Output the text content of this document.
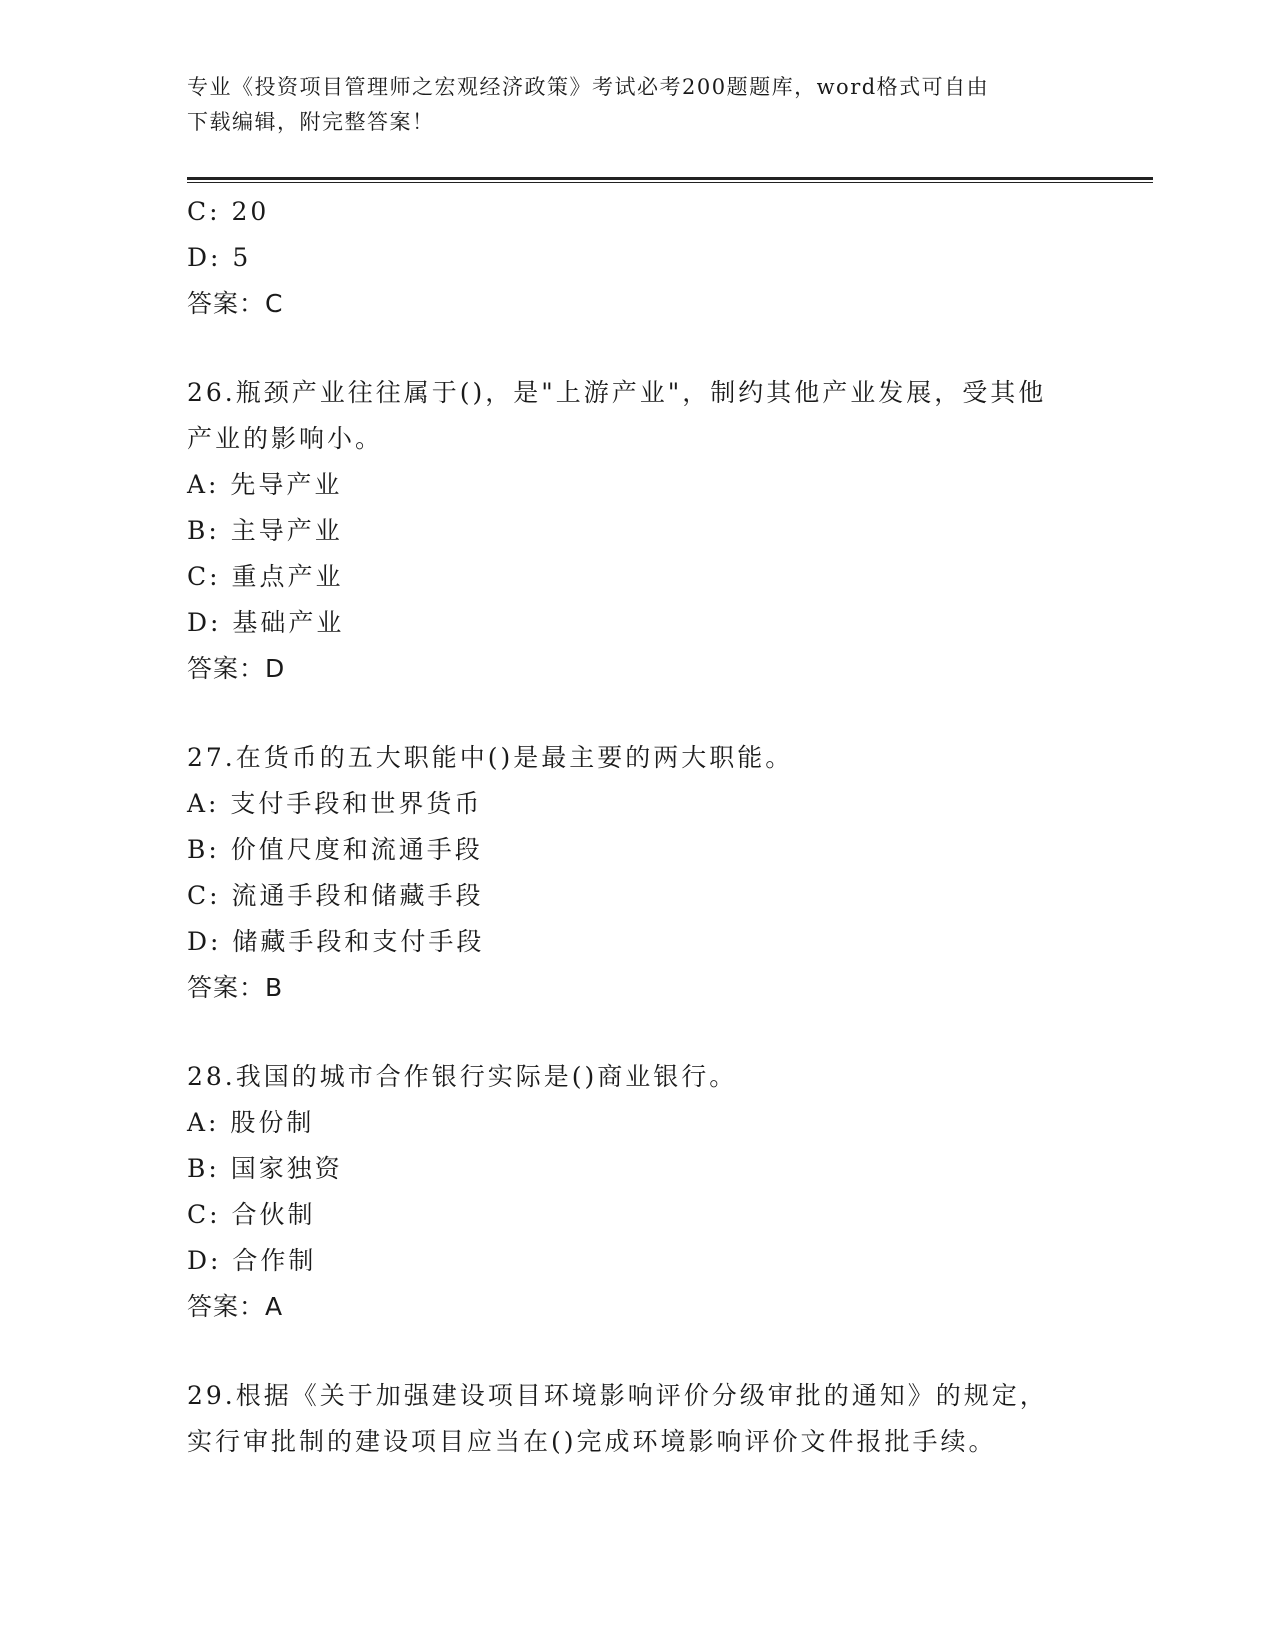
专业《投资项目管理师之宏观经济政策》考试必考200题题库，word格式可自由
下载编辑，附完整答案！
C: 20
D: 5
答案：C
26.瓶颈产业往往属于()，是"上游产业"，制约其他产业发展，受其他
产业的影响小。
A: 先导产业
B: 主导产业
C: 重点产业
D: 基础产业
答案：D
27.在货币的五大职能中()是最主要的两大职能。
A: 支付手段和世界货币
B: 价值尺度和流通手段
C: 流通手段和储藏手段
D: 储藏手段和支付手段
答案：B
28.我国的城市合作银行实际是()商业银行。
A: 股份制
B: 国家独资
C: 合伙制
D: 合作制
答案：A
29.根据《关于加强建设项目环境影响评价分级审批的通知》的规定，
实行审批制的建设项目应当在()完成环境影响评价文件报批手续。
